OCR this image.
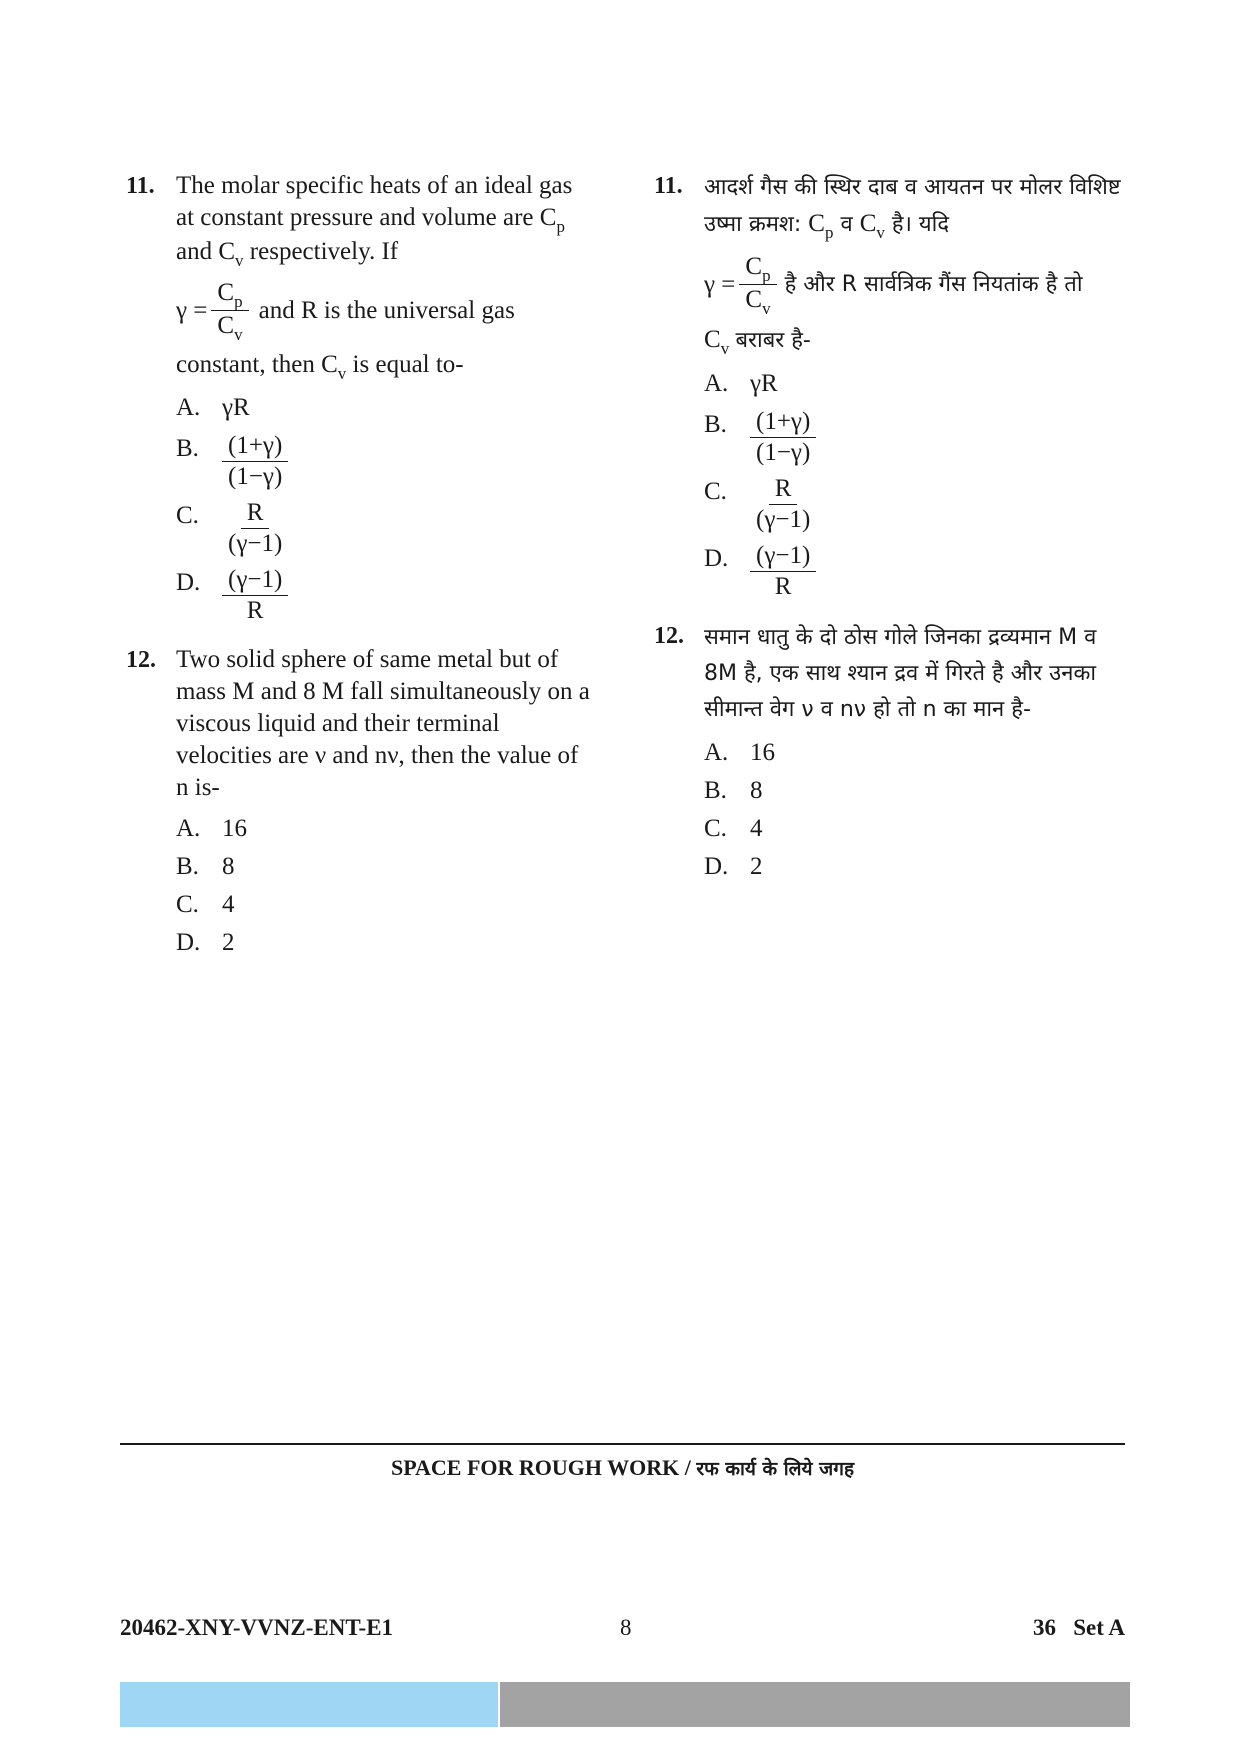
11. The molar specific heats of an ideal gas at constant pressure and volume are $C_p$ and $C_v$ respectively. If

$\gamma = \frac{C_p}{C_v}$ and R is the universal gas

constant, then $C_v$ is equal to-

A. γR
B. $\frac{(1+\gamma)}{(1-\gamma)}$
C. $\frac{R}{(\gamma-1)}$
D. $\frac{(\gamma-1)}{R}$
12. Two solid sphere of same metal but of mass M and 8 M fall simultaneously on a viscous liquid and their terminal velocities are ν and nν, then the value of n is-

A. 16
B. 8
C. 4
D. 2
11. आदर्श गैस की स्थिर दाब व आयतन पर मोलर विशिष्ट उष्मा क्रमश: $C_p$ व $C_v$ है। यदि

$\gamma = \frac{C_p}{C_v}$ है और R सार्वत्रिक गैंस नियतांक है तो

$C_v$ बराबर है-

A. γR
B. $\frac{(1+\gamma)}{(1-\gamma)}$
C. $\frac{R}{(\gamma-1)}$
D. $\frac{(\gamma-1)}{R}$
12. समान धातु के दो ठोस गोले जिनका द्रव्यमान M व 8M है, एक साथ श्यान द्रव में गिरते है और उनका सीमान्त वेग ν व nν हो तो n का मान है-

A. 16
B. 8
C. 4
D. 2
SPACE FOR ROUGH WORK / रफ कार्य के लिये जगह
20462-XNY-VVNZ-ENT-E1	8	36   Set A
